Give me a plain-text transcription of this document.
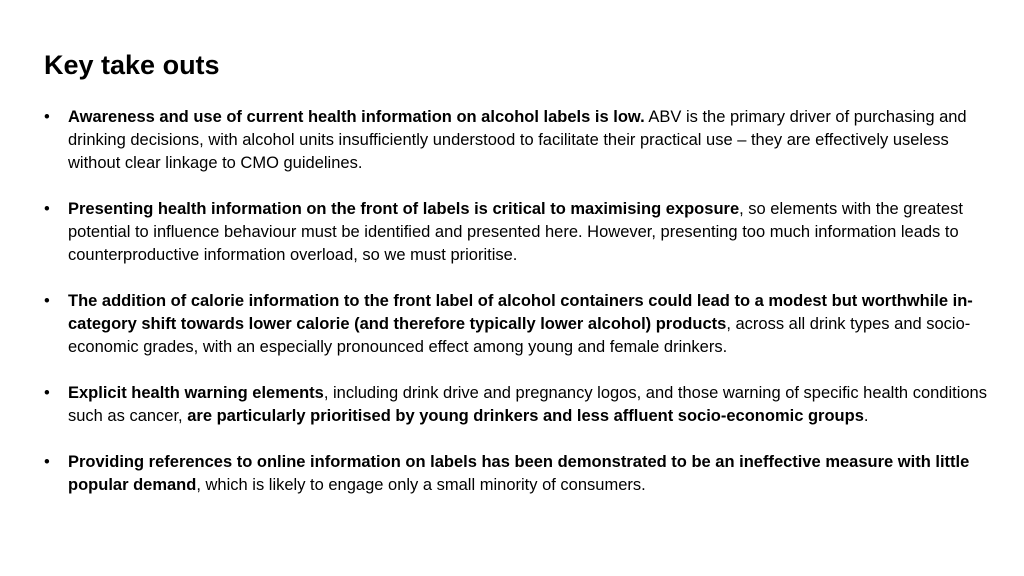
Key take outs
•	Awareness and use of current health information on alcohol labels is low. ABV is the primary driver of purchasing and drinking decisions, with alcohol units insufficiently understood to facilitate their practical use – they are effectively useless without clear linkage to CMO guidelines.
•	Presenting health information on the front of labels is critical to maximising exposure, so elements with the greatest potential to influence behaviour must be identified and presented here. However, presenting too much information leads to counterproductive information overload, so we must prioritise.
•	The addition of calorie information to the front label of alcohol containers could lead to a modest but worthwhile in-category shift towards lower calorie (and therefore typically lower alcohol) products, across all drink types and socio-economic grades, with an especially pronounced effect among young and female drinkers.
•	Explicit health warning elements, including drink drive and pregnancy logos, and those warning of specific health conditions such as cancer, are particularly prioritised by young drinkers and less affluent socio-economic groups.
•	Providing references to online information on labels has been demonstrated to be an ineffective measure with little popular demand, which is likely to engage only a small minority of consumers.
